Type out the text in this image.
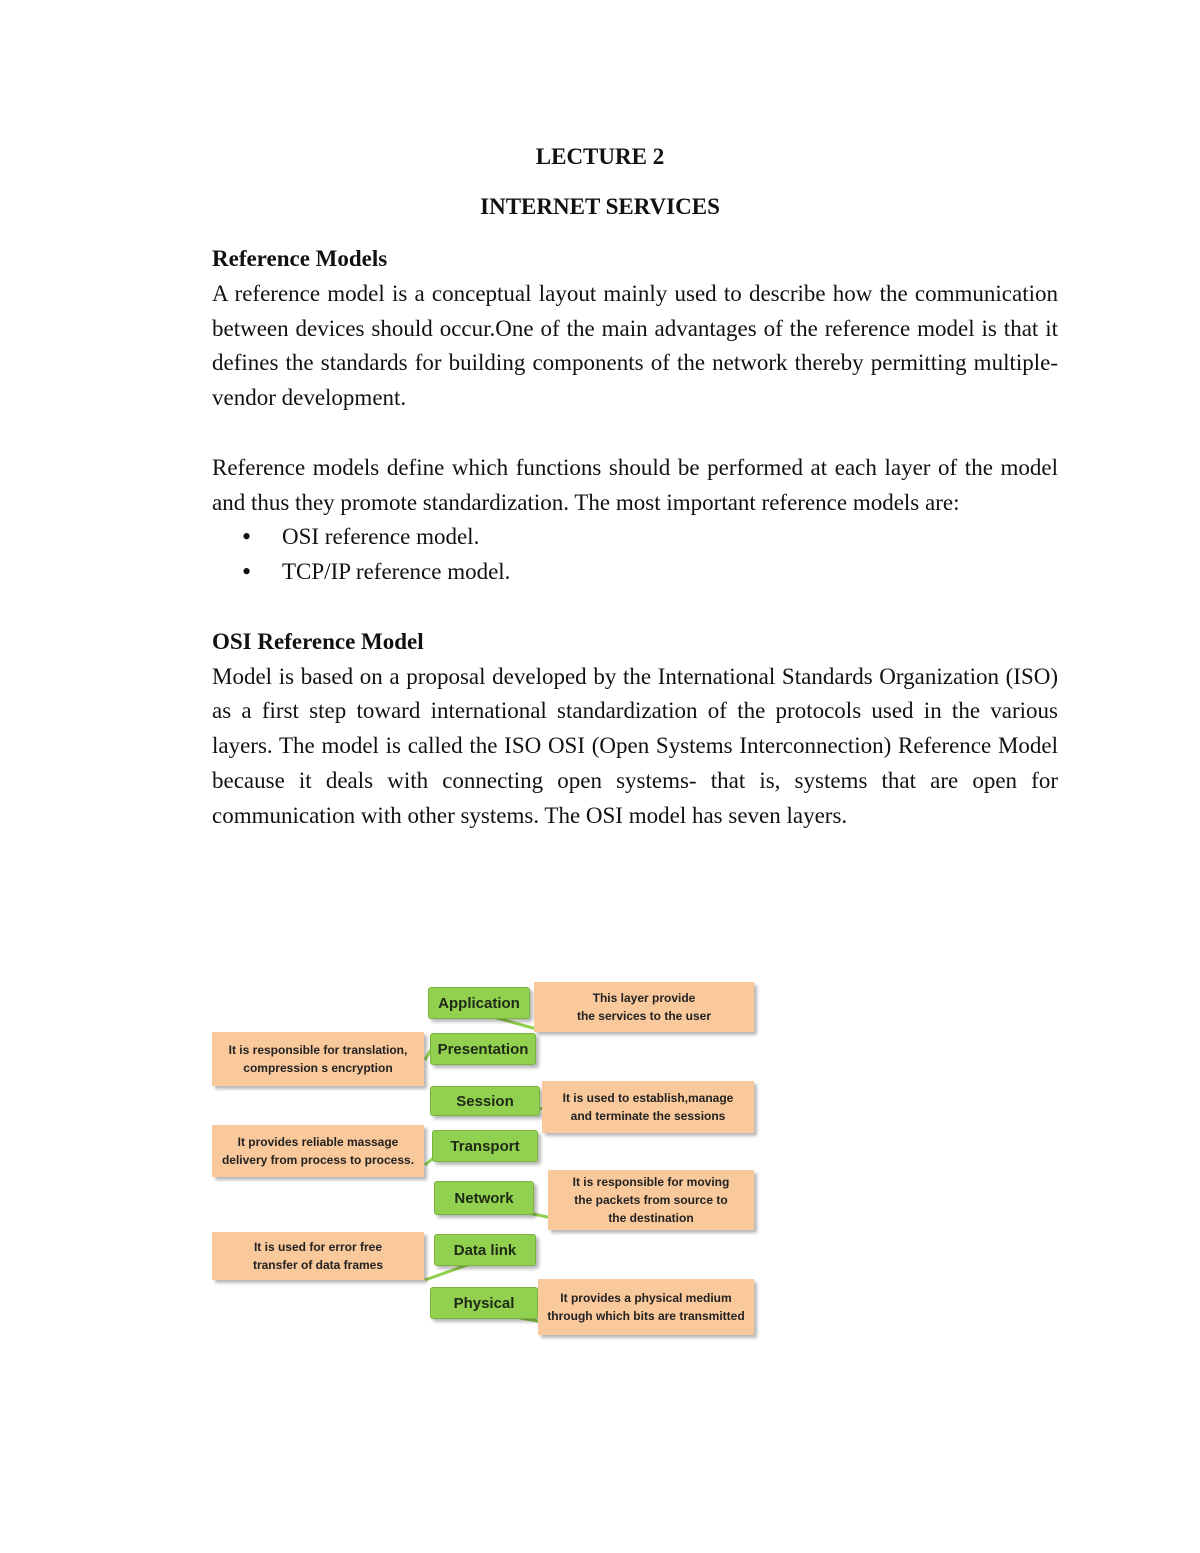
LECTURE 2
INTERNET SERVICES
Reference Models

A reference model is a conceptual layout mainly used to describe how the communication between devices should occur.One of the main advantages of the reference model is that it defines the standards for building components of the network thereby permitting multiple-vendor development.

Reference models define which functions should be performed at each layer of the model and thus they promote standardization. The most important reference models are:

• OSI reference model.
• TCP/IP reference model.
OSI Reference Model

Model is based on a proposal developed by the International Standards Organization (ISO) as a first step toward international standardization of the protocols used in the various layers. The model is called the ISO OSI (Open Systems Interconnection) Reference Model because it deals with connecting open systems- that is, systems that are open for communication with other systems. The OSI model has seven layers.

Application
Presentation
Session
Transport
Network
Data link
Physical
This layer provide
the services to the user
It is responsible for translation,
compression s encryption
It is used to establish,manage
and terminate the sessions
It provides reliable massage
delivery from process to process.
It is responsible for moving
the packets from source to
the destination
It is used for error free
transfer of data frames
It provides a physical medium
through which bits are transmitted
